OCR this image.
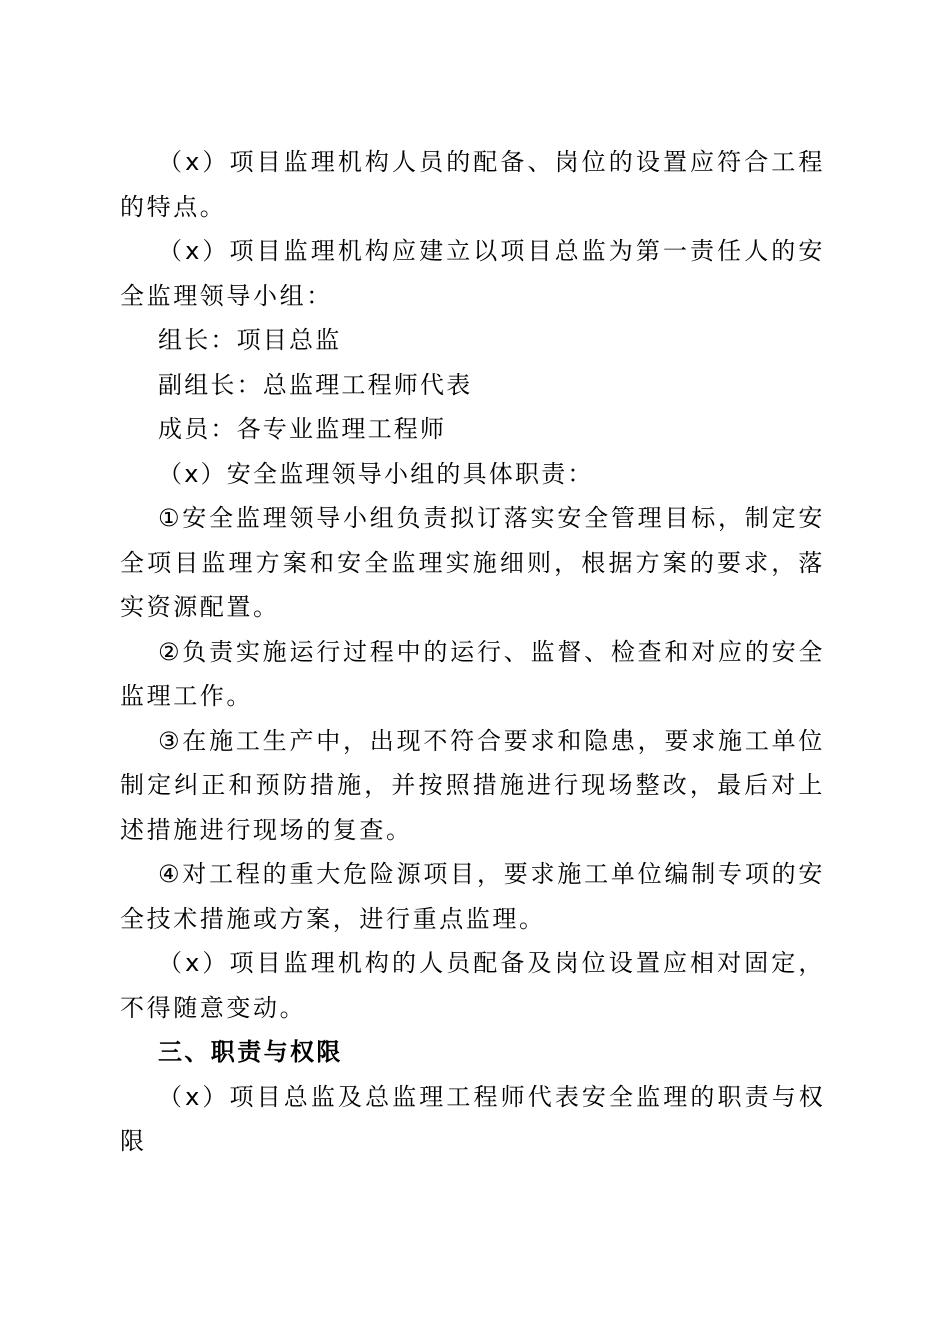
（x）项目监理机构人员的配备、岗位的设置应符合工程的特点。

（x）项目监理机构应建立以项目总监为第一责任人的安全监理领导小组：

组长：项目总监

副组长：总监理工程师代表

成员：各专业监理工程师

（x）安全监理领导小组的具体职责：

①安全监理领导小组负责拟订落实安全管理目标，制定安全项目监理方案和安全监理实施细则，根据方案的要求，落实资源配置。

②负责实施运行过程中的运行、监督、检查和对应的安全监理工作。

③在施工生产中，出现不符合要求和隐患，要求施工单位制定纠正和预防措施，并按照措施进行现场整改，最后对上述措施进行现场的复查。

④对工程的重大危险源项目，要求施工单位编制专项的安全技术措施或方案，进行重点监理。

（x）项目监理机构的人员配备及岗位设置应相对固定，不得随意变动。

三、职责与权限

（x）项目总监及总监理工程师代表安全监理的职责与权限
